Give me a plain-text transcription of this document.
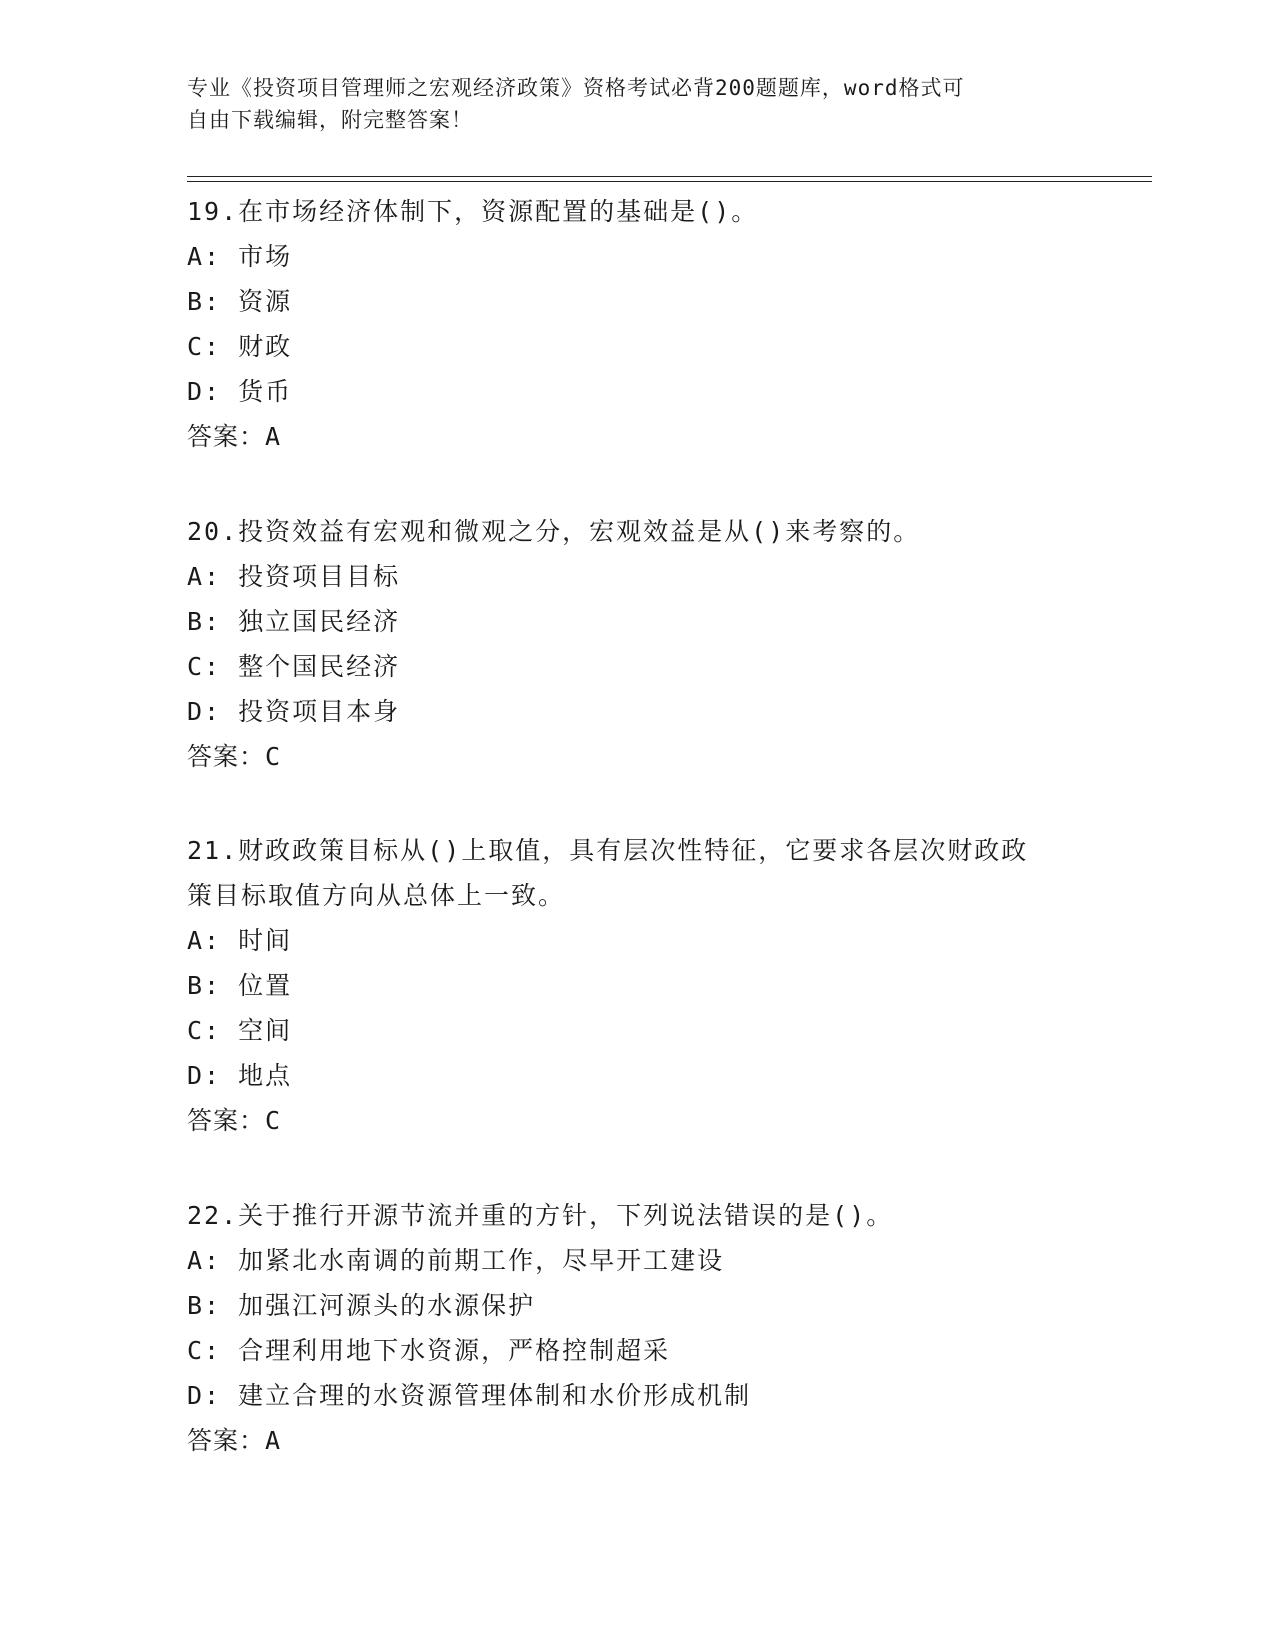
专业《投资项目管理师之宏观经济政策》资格考试必背200题题库，word格式可
自由下载编辑，附完整答案！

19.在市场经济体制下，资源配置的基础是()。

A: 市场

B: 资源

C: 财政

D: 货币

答案：A

20.投资效益有宏观和微观之分，宏观效益是从()来考察的。

A: 投资项目目标

B: 独立国民经济

C: 整个国民经济

D: 投资项目本身

答案：C

21.财政政策目标从()上取值，具有层次性特征，它要求各层次财政政

策目标取值方向从总体上一致。

A: 时间

B: 位置

C: 空间

D: 地点

答案：C

22.关于推行开源节流并重的方针，下列说法错误的是()。

A: 加紧北水南调的前期工作，尽早开工建设

B: 加强江河源头的水源保护

C: 合理利用地下水资源，严格控制超采

D: 建立合理的水资源管理体制和水价形成机制

答案：A
